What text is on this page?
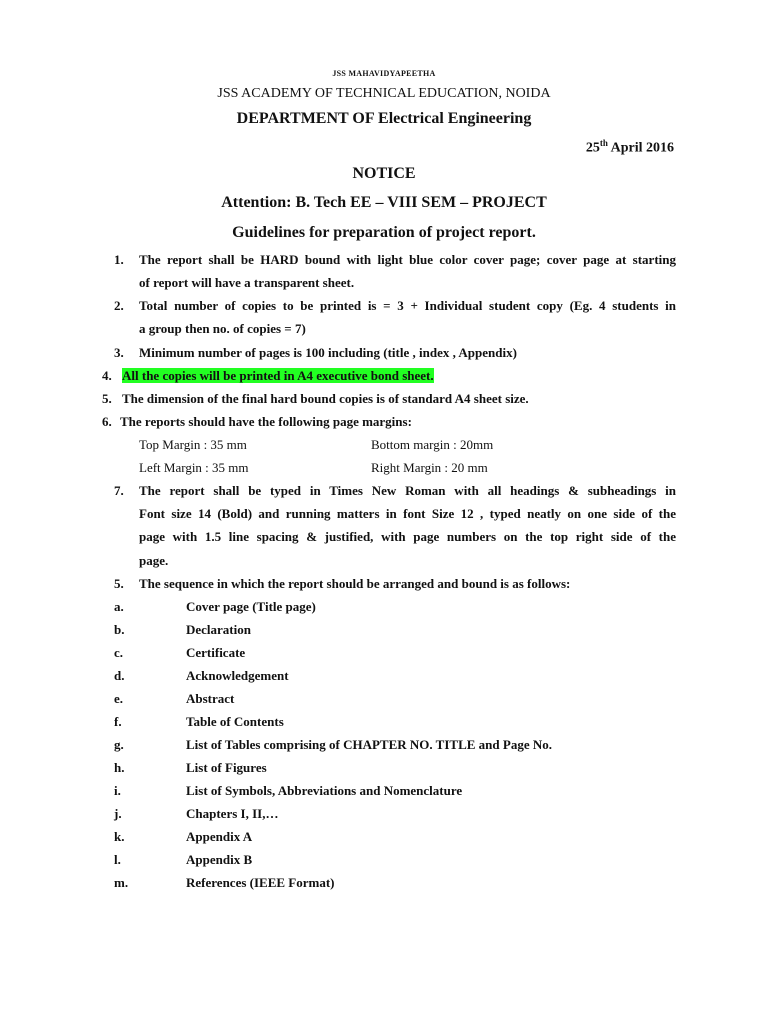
JSS MAHAVIDYAPEETHA
JSS ACADEMY OF TECHNICAL EDUCATION, NOIDA
DEPARTMENT OF Electrical Engineering
25th April 2016
NOTICE
Attention: B. Tech EE – VIII SEM – PROJECT
Guidelines for preparation of project report.
1. The report shall be HARD bound with light blue color cover page; cover page at starting
of report will have a transparent sheet.
2. Total number of copies to be printed is = 3 + Individual student copy (Eg. 4 students in
a group then no. of copies = 7)
3. Minimum number of pages is 100 including (title , index , Appendix)
4. All the copies will be printed in A4 executive bond sheet.
5. The dimension of the final hard bound copies is of standard A4 sheet size.
6. The reports should have the following page margins:
Top Margin : 35 mm	Bottom margin : 20mm
Left Margin : 35 mm	Right Margin : 20 mm
7. The report shall be typed in Times New Roman with all headings & subheadings in
Font size 14 (Bold) and running matters in font Size 12 , typed neatly on one side of the
page with 1.5 line spacing & justified, with page numbers on the top right side of the
page.
5. The sequence in which the report should be arranged and bound is as follows:
a.	Cover page (Title page)
b.	Declaration
c.	Certificate
d.	Acknowledgement
e.	Abstract
f.	Table of Contents
g.	List of Tables comprising of CHAPTER NO. TITLE and Page No.
h.	List of Figures
i.	List of Symbols, Abbreviations and Nomenclature
j.	Chapters I, II,…
k.	Appendix A
l.	Appendix B
m.	References (IEEE Format)
